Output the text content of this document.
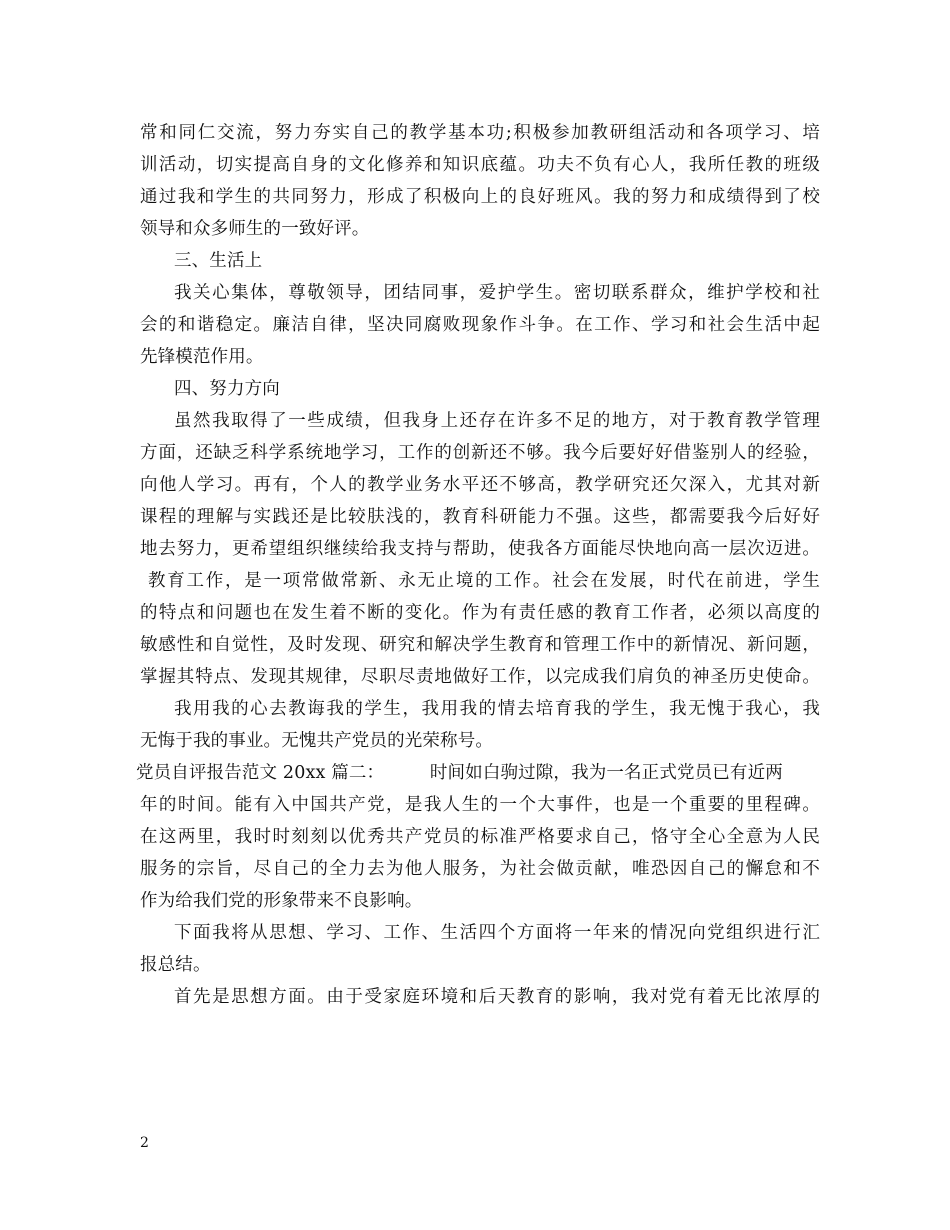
常和同仁交流，努力夯实自己的教学基本功;积极参加教研组活动和各项学习、培
训活动，切实提高自身的文化修养和知识底蕴。功夫不负有心人，我所任教的班级
通过我和学生的共同努力，形成了积极向上的良好班风。我的努力和成绩得到了校
领导和众多师生的一致好评。
三、生活上
我关心集体，尊敬领导，团结同事，爱护学生。密切联系群众，维护学校和社
会的和谐稳定。廉洁自律，坚决同腐败现象作斗争。在工作、学习和社会生活中起
先锋模范作用。
四、努力方向
虽然我取得了一些成绩，但我身上还存在许多不足的地方，对于教育教学管理
方面，还缺乏科学系统地学习，工作的创新还不够。我今后要好好借鉴别人的经验，
向他人学习。再有，个人的教学业务水平还不够高，教学研究还欠深入，尤其对新
课程的理解与实践还是比较肤浅的，教育科研能力不强。这些，都需要我今后好好
地去努力，更希望组织继续给我支持与帮助，使我各方面能尽快地向高一层次迈进。
教育工作，是一项常做常新、永无止境的工作。社会在发展，时代在前进，学生
的特点和问题也在发生着不断的变化。作为有责任感的教育工作者，必须以高度的
敏感性和自觉性，及时发现、研究和解决学生教育和管理工作中的新情况、新问题，
掌握其特点、发现其规律，尽职尽责地做好工作，以完成我们肩负的神圣历史使命。
我用我的心去教诲我的学生，我用我的情去培育我的学生，我无愧于我心，我
无悔于我的事业。无愧共产党员的光荣称号。
党员自评报告范文 20xx 篇二：        时间如白驹过隙，我为一名正式党员已有近两
年的时间。能有入中国共产党，是我人生的一个大事件，也是一个重要的里程碑。
在这两里，我时时刻刻以优秀共产党员的标准严格要求自己，恪守全心全意为人民
服务的宗旨，尽自己的全力去为他人服务，为社会做贡献，唯恐因自己的懈怠和不
作为给我们党的形象带来不良影响。
下面我将从思想、学习、工作、生活四个方面将一年来的情况向党组织进行汇
报总结。
首先是思想方面。由于受家庭环境和后天教育的影响，我对党有着无比浓厚的
2
